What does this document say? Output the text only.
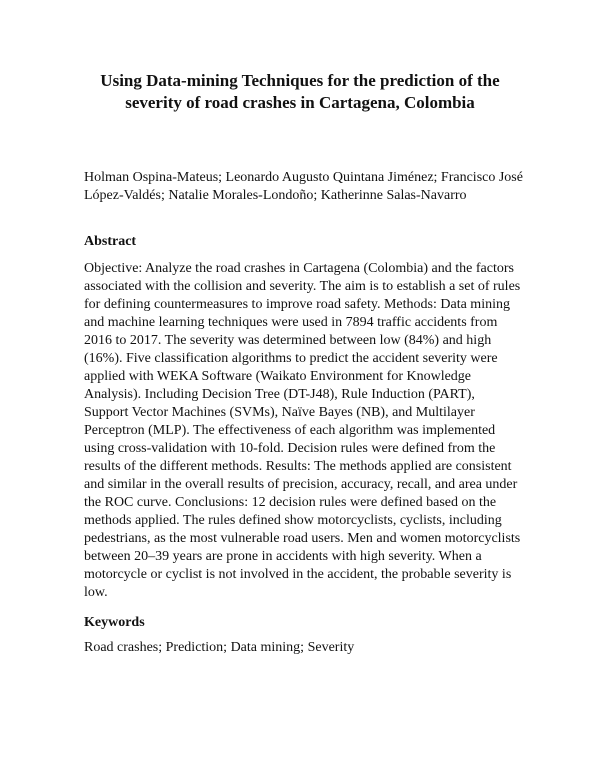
Using Data-mining Techniques for the prediction of the
severity of road crashes in Cartagena, Colombia
Holman Ospina-Mateus; Leonardo Augusto Quintana Jiménez; Francisco José
López-Valdés; Natalie Morales-Londoño; Katherinne Salas-Navarro
Abstract
Objective: Analyze the road crashes in Cartagena (Colombia) and the factors
associated with the collision and severity. The aim is to establish a set of rules
for defining countermeasures to improve road safety. Methods: Data mining
and machine learning techniques were used in 7894 traffic accidents from
2016 to 2017. The severity was determined between low (84%) and high
(16%). Five classification algorithms to predict the accident severity were
applied with WEKA Software (Waikato Environment for Knowledge
Analysis). Including Decision Tree (DT-J48), Rule Induction (PART),
Support Vector Machines (SVMs), Naïve Bayes (NB), and Multilayer
Perceptron (MLP). The effectiveness of each algorithm was implemented
using cross-validation with 10-fold. Decision rules were defined from the
results of the different methods. Results: The methods applied are consistent
and similar in the overall results of precision, accuracy, recall, and area under
the ROC curve. Conclusions: 12 decision rules were defined based on the
methods applied. The rules defined show motorcyclists, cyclists, including
pedestrians, as the most vulnerable road users. Men and women motorcyclists
between 20–39 years are prone in accidents with high severity. When a
motorcycle or cyclist is not involved in the accident, the probable severity is
low.
Keywords
Road crashes; Prediction; Data mining; Severity
